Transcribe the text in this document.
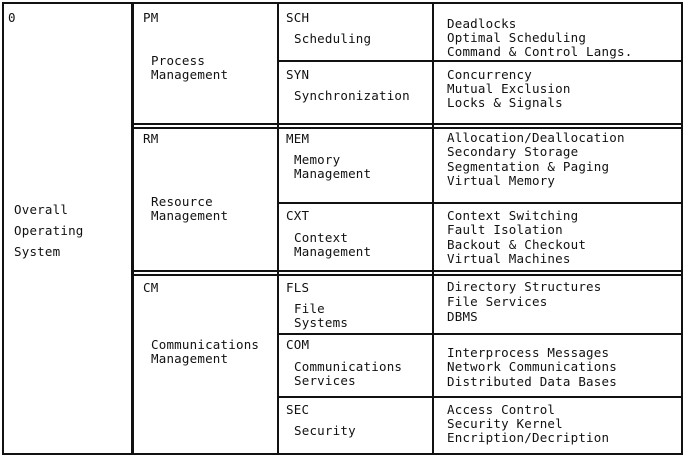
0
Overall
Operating
System
PM
Process
Management
RM
Resource
Management
CM
Communications
Management
SCH
Scheduling
SYN
Synchronization
MEM
Memory
Management
CXT
Context
Management
FLS
File
Systems
COM
Communications
Services
SEC
Security
Deadlocks
Optimal Scheduling
Command & Control Langs.
Concurrency
Mutual Exclusion
Locks & Signals
Allocation/Deallocation
Secondary Storage
Segmentation & Paging
Virtual Memory
Context Switching
Fault Isolation
Backout & Checkout
Virtual Machines
Directory Structures
File Services
DBMS
Interprocess Messages
Network Communications
Distributed Data Bases
Access Control
Security Kernel
Encription/Decription
